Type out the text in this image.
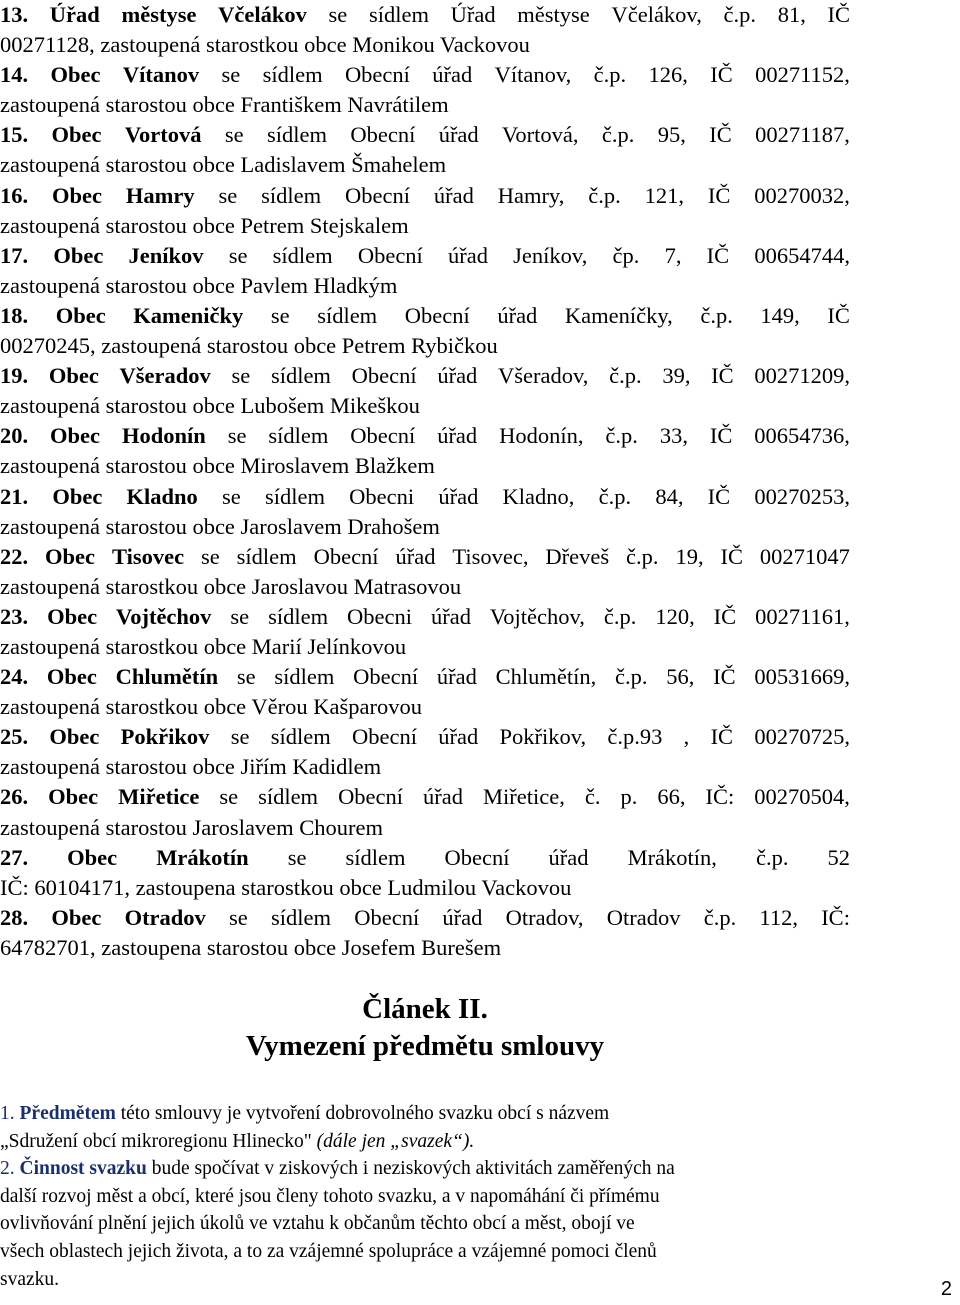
13. Úřad městyse Včelákov se sídlem Úřad městyse Včelákov, č.p. 81, IČ
00271128, zastoupená starostkou obce Monikou Vackovou
14. Obec Vítanov se sídlem Obecní úřad Vítanov, č.p. 126, IČ 00271152,
zastoupená starostou obce Františkem Navrátilem
15. Obec Vortová se sídlem Obecní úřad Vortová, č.p. 95, IČ 00271187,
zastoupená starostou obce Ladislavem Šmahelem
16. Obec Hamry se sídlem Obecní úřad Hamry, č.p. 121, IČ 00270032,
zastoupená starostou obce Petrem Stejskalem
17. Obec Jeníkov se sídlem Obecní úřad Jeníkov, čp. 7, IČ 00654744,
zastoupená starostou obce Pavlem Hladkým
18. Obec Kameničky se sídlem Obecní úřad Kameníčky, č.p. 149, IČ
00270245, zastoupená starostou obce Petrem Rybičkou
19. Obec Všeradov se sídlem Obecní úřad Všeradov, č.p. 39, IČ 00271209,
zastoupená starostou obce Lubošem Mikeškou
20. Obec Hodonín se sídlem Obecní úřad Hodonín, č.p. 33, IČ 00654736,
zastoupená starostou obce Miroslavem Blažkem
21. Obec Kladno se sídlem Obecni úřad Kladno, č.p. 84, IČ 00270253,
zastoupená starostou obce Jaroslavem Drahošem
22. Obec Tisovec se sídlem Obecní úřad Tisovec, Dřeveš č.p. 19, IČ 00271047
zastoupená starostkou obce Jaroslavou Matrasovou
23. Obec Vojtěchov se sídlem Obecni úřad Vojtěchov, č.p. 120, IČ 00271161,
zastoupená starostkou obce Marií Jelínkovou
24. Obec Chlumětín se sídlem Obecní úřad Chlumětín, č.p. 56, IČ 00531669,
zastoupená starostkou obce Věrou Kašparovou
25. Obec Pokřikov se sídlem Obecní úřad Pokřikov, č.p.93 , IČ 00270725,
zastoupená starostou obce Jiřím Kadidlem
26. Obec Miřetice se sídlem Obecní úřad Miřetice, č. p. 66, IČ: 00270504,
zastoupená starostou Jaroslavem Chourem
27. Obec Mrákotín se sídlem Obecní úřad Mrákotín, č.p. 52
IČ: 60104171, zastoupena starostkou obce Ludmilou Vackovou
28. Obec Otradov se sídlem Obecní úřad Otradov, Otradov č.p. 112, IČ:
64782701, zastoupena starostou obce Josefem Burešem
Článek II.
Vymezení předmětu smlouvy

1. Předmětem této smlouvy je vytvoření dobrovolného svazku obcí s názvem

„Sdružení obcí mikroregionu Hlinecko" (dále jen „svazek“).

2. Činnost svazku bude spočívat v ziskových i neziskových aktivitách zaměřených na

další rozvoj měst a obcí, které jsou členy tohoto svazku, a v napomáhání či přímému

ovlivňování plnění jejich úkolů ve vztahu k občanům těchto obcí a měst, obojí ve

všech oblastech jejich života, a to za vzájemné spolupráce a vzájemné pomoci členů

svazku.	2
